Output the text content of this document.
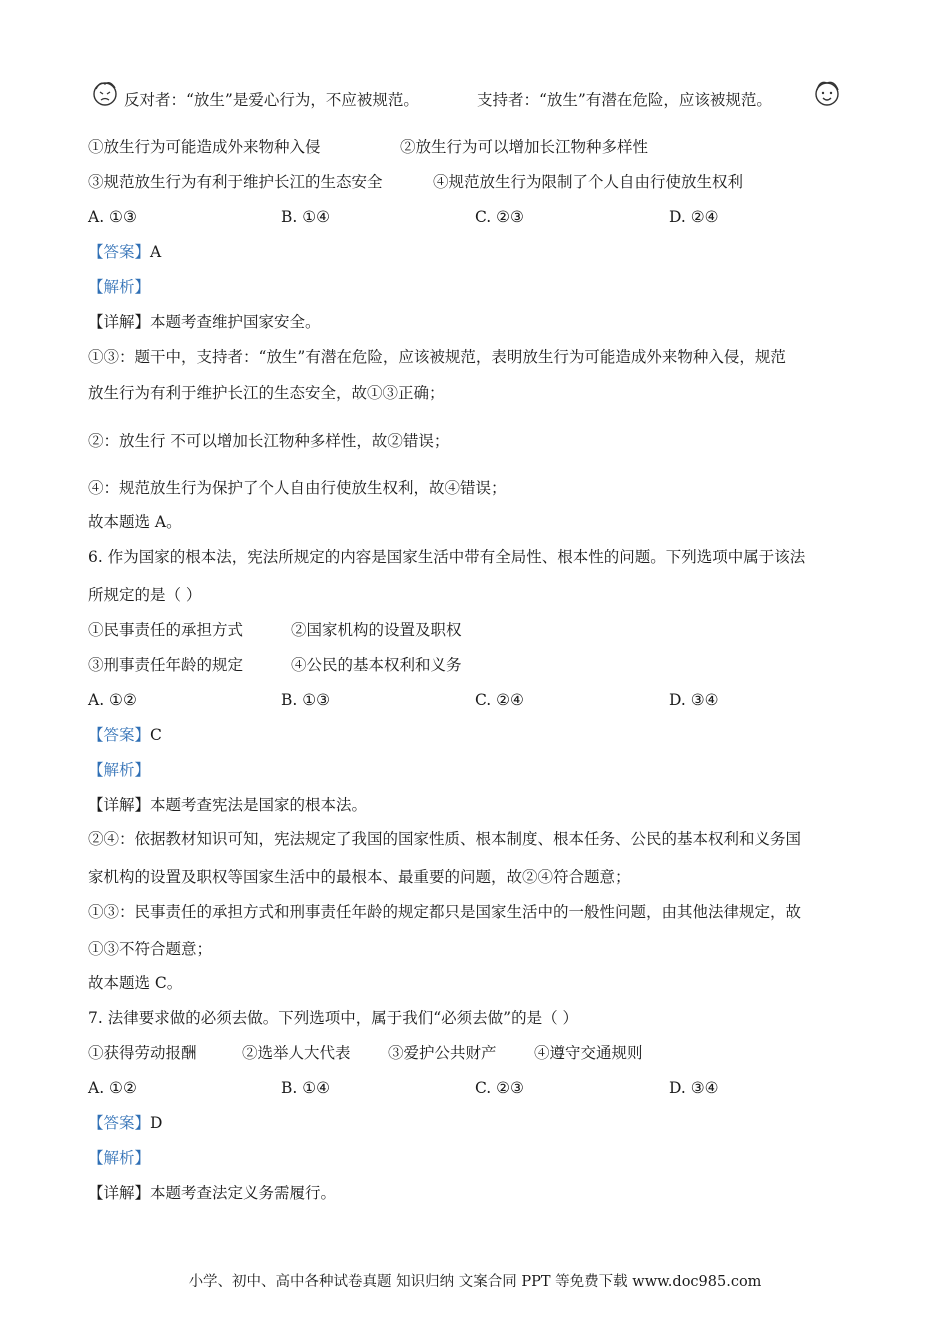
反对者：“放生”是爱心行为，不应被规范。	支持者：“放生”有潜在危险，应该被规范。
①放生行为可能造成外来物种入侵	②放生行为可以增加长江物种多样性
③规范放生行为有利于维护长江的生态安全	④规范放生行为限制了个人自由行使放生权利
A. ①③	B. ①④	C. ②③	D. ②④
【答案】A
【解析】
【详解】本题考查维护国家安全。
①③：题干中，支持者：“放生”有潜在危险，应该被规范，表明放生行为可能造成外来物种入侵，规范
放生行为有利于维护长江的生态安全，故①③正确；
②：放生行 不可以增加长江物种多样性，故②错误；
④：规范放生行为保护了个人自由行使放生权利，故④错误；
故本题选 A。
6. 作为国家的根本法，宪法所规定的内容是国家生活中带有全局性、根本性的问题。下列选项中属于该法
所规定的是（ ）
①民事责任的承担方式	②国家机构的设置及职权
③刑事责任年龄的规定	④公民的基本权利和义务
A. ①②	B. ①③	C. ②④	D. ③④
【答案】C
【解析】
【详解】本题考查宪法是国家的根本法。
②④：依据教材知识可知，宪法规定了我国的国家性质、根本制度、根本任务、公民的基本权利和义务国
家机构的设置及职权等国家生活中的最根本、最重要的问题，故②④符合题意；
①③：民事责任的承担方式和刑事责任年龄的规定都只是国家生活中的一般性问题，由其他法律规定，故
①③不符合题意；
故本题选 C。
7. 法律要求做的必须去做。下列选项中，属于我们“必须去做”的是（ ）
①获得劳动报酬	②选举人大代表 ③爱护公共财产 ④遵守交通规则
A. ①②	B. ①④	C. ②③	D. ③④
【答案】D
【解析】
【详解】本题考查法定义务需履行。
小学、初中、高中各种试卷真题 知识归纳 文案合同 PPT 等免费下载 www.doc985.com
